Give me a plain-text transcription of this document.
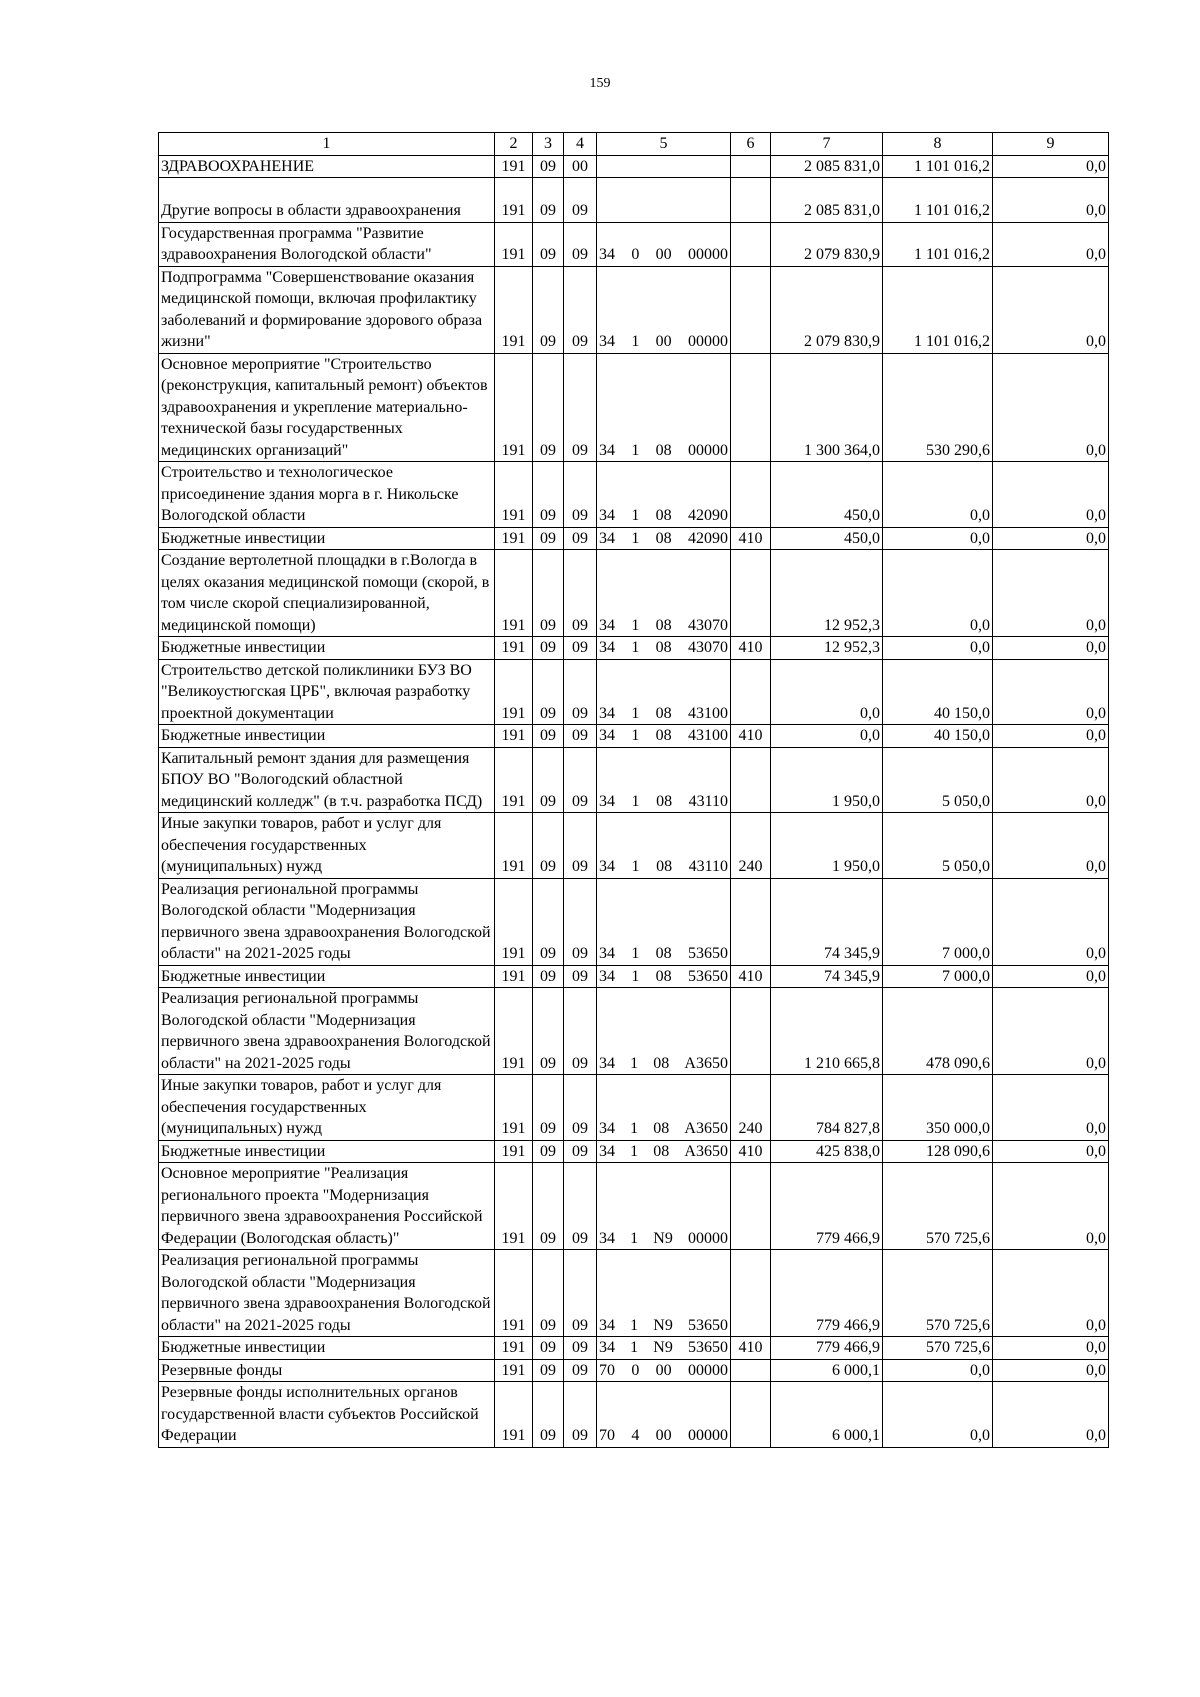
159
1	2	3	4	5	6	7	8	9
ЗДРАВООХРАНЕНИЕ	191	09	00			2 085 831,0	1 101 016,2	0,0
Другие вопросы в области здравоохранения	191	09	09			2 085 831,0	1 101 016,2	0,0
Государственная программа "Развитие здравоохранения Вологодской области"	191	09	09	34 0 00 00000		2 079 830,9	1 101 016,2	0,0
Подпрограмма "Совершенствование оказания медицинской помощи, включая профилактику заболеваний и формирование здорового образа жизни"	191	09	09	34 1 00 00000		2 079 830,9	1 101 016,2	0,0
Основное мероприятие "Строительство (реконструкция, капитальный ремонт) объектов здравоохранения и укрепление материально-технической базы государственных медицинских организаций"	191	09	09	34 1 08 00000		1 300 364,0	530 290,6	0,0
Строительство и технологическое присоединение здания морга в г. Никольске Вологодской области	191	09	09	34 1 08 42090		450,0	0,0	0,0
Бюджетные инвестиции	191	09	09	34 1 08 42090	410	450,0	0,0	0,0
Создание вертолетной площадки в г.Вологда в целях оказания медицинской помощи (скорой, в том числе скорой специализированной, медицинской помощи)	191	09	09	34 1 08 43070		12 952,3	0,0	0,0
Бюджетные инвестиции	191	09	09	34 1 08 43070	410	12 952,3	0,0	0,0
Строительство детской поликлиники БУЗ ВО "Великоустюгская ЦРБ", включая разработку проектной документации	191	09	09	34 1 08 43100		0,0	40 150,0	0,0
Бюджетные инвестиции	191	09	09	34 1 08 43100	410	0,0	40 150,0	0,0
Капитальный ремонт здания для размещения БПОУ ВО "Вологодский областной медицинский колледж" (в т.ч. разработка ПСД)	191	09	09	34 1 08 43110		1 950,0	5 050,0	0,0
Иные закупки товаров, работ и услуг для обеспечения государственных (муниципальных) нужд	191	09	09	34 1 08 43110	240	1 950,0	5 050,0	0,0
Реализация региональной программы Вологодской области "Модернизация первичного звена здравоохранения Вологодской области" на 2021-2025 годы	191	09	09	34 1 08 53650		74 345,9	7 000,0	0,0
Бюджетные инвестиции	191	09	09	34 1 08 53650	410	74 345,9	7 000,0	0,0
Реализация региональной программы Вологодской области "Модернизация первичного звена здравоохранения Вологодской области" на 2021-2025 годы	191	09	09	34 1 08 A3650		1 210 665,8	478 090,6	0,0
Иные закупки товаров, работ и услуг для обеспечения государственных (муниципальных) нужд	191	09	09	34 1 08 A3650	240	784 827,8	350 000,0	0,0
Бюджетные инвестиции	191	09	09	34 1 08 A3650	410	425 838,0	128 090,6	0,0
Основное мероприятие "Реализация регионального проекта "Модернизация первичного звена здравоохранения Российской Федерации (Вологодская область)"	191	09	09	34 1 N9 00000		779 466,9	570 725,6	0,0
Реализация региональной программы Вологодской области "Модернизация первичного звена здравоохранения Вологодской области" на 2021-2025 годы	191	09	09	34 1 N9 53650		779 466,9	570 725,6	0,0
Бюджетные инвестиции	191	09	09	34 1 N9 53650	410	779 466,9	570 725,6	0,0
Резервные фонды	191	09	09	70 0 00 00000		6 000,1	0,0	0,0
Резервные фонды исполнительных органов государственной власти субъектов Российской Федерации	191	09	09	70 4 00 00000		6 000,1	0,0	0,0
